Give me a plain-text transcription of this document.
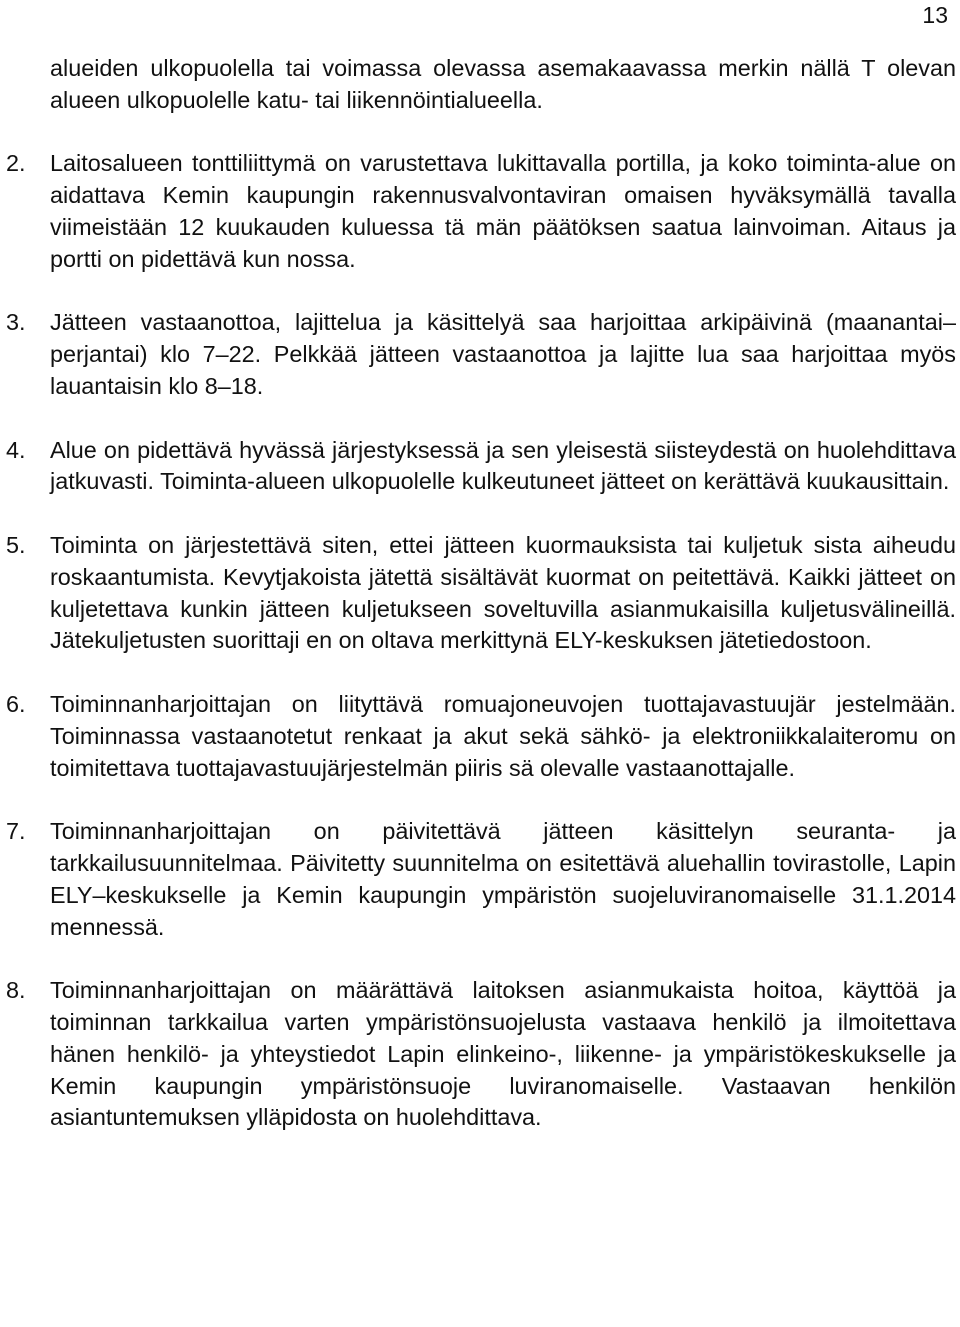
13

alueiden ulkopuolella tai voimassa olevassa asemakaavassa merkin nällä T olevan alueen ulkopuolelle katu- tai liikennöintialueella.

2.	Laitosalueen tonttiliittymä on varustettava lukittavalla portilla, ja koko toiminta-alue on aidattava Kemin kaupungin rakennusvalvontaviran omaisen hyväksymällä tavalla viimeistään 12 kuukauden kuluessa tä män päätöksen saatua lainvoiman. Aitaus ja portti on pidettävä kun nossa.

3.	Jätteen vastaanottoa, lajittelua ja käsittelyä saa harjoittaa arkipäivinä (maanantai–perjantai) klo 7–22. Pelkkää jätteen vastaanottoa ja lajitte lua saa harjoittaa myös lauantaisin klo 8–18.

4.	Alue on pidettävä hyvässä järjestyksessä ja sen yleisestä siisteydestä on huolehdittava jatkuvasti. Toiminta-alueen ulkopuolelle kulkeutuneet jätteet on kerättävä kuukausittain.

5.	Toiminta on järjestettävä siten, ettei jätteen kuormauksista tai kuljetuk sista aiheudu roskaantumista. Kevytjakoista jätettä sisältävät kuormat on peitettävä. Kaikki jätteet on kuljetettava kunkin jätteen kuljetukseen soveltuvilla asianmukaisilla kuljetusvälineillä. Jätekuljetusten suorittaji en on oltava merkittynä ELY-keskuksen jätetiedostoon.

6.	Toiminnanharjoittajan on liityttävä romuajoneuvojen tuottajavastuujär jestelmään. Toiminnassa vastaanotetut renkaat ja akut sekä sähkö- ja elektroniikkalaiteromu on toimitettava tuottajavastuujärjestelmän piiris sä olevalle vastaanottajalle.

7.	Toiminnanharjoittajan on päivitettävä jätteen käsittelyn seuranta- ja tarkkailusuunnitelmaa. Päivitetty suunnitelma on esitettävä aluehallin tovirastolle, Lapin ELY–keskukselle ja Kemin kaupungin ympäristön suojeluviranomaiselle 31.1.2014 mennessä.

8.	Toiminnanharjoittajan on määrättävä laitoksen asianmukaista hoitoa, käyttöä ja toiminnan tarkkailua varten ympäristönsuojelusta vastaava henkilö ja ilmoitettava hänen henkilö- ja yhteystiedot Lapin elinkeino-, liikenne- ja ympäristökeskukselle ja Kemin kaupungin ympäristönsuoje luviranomaiselle. Vastaavan henkilön asiantuntemuksen ylläpidosta on huolehdittava.
